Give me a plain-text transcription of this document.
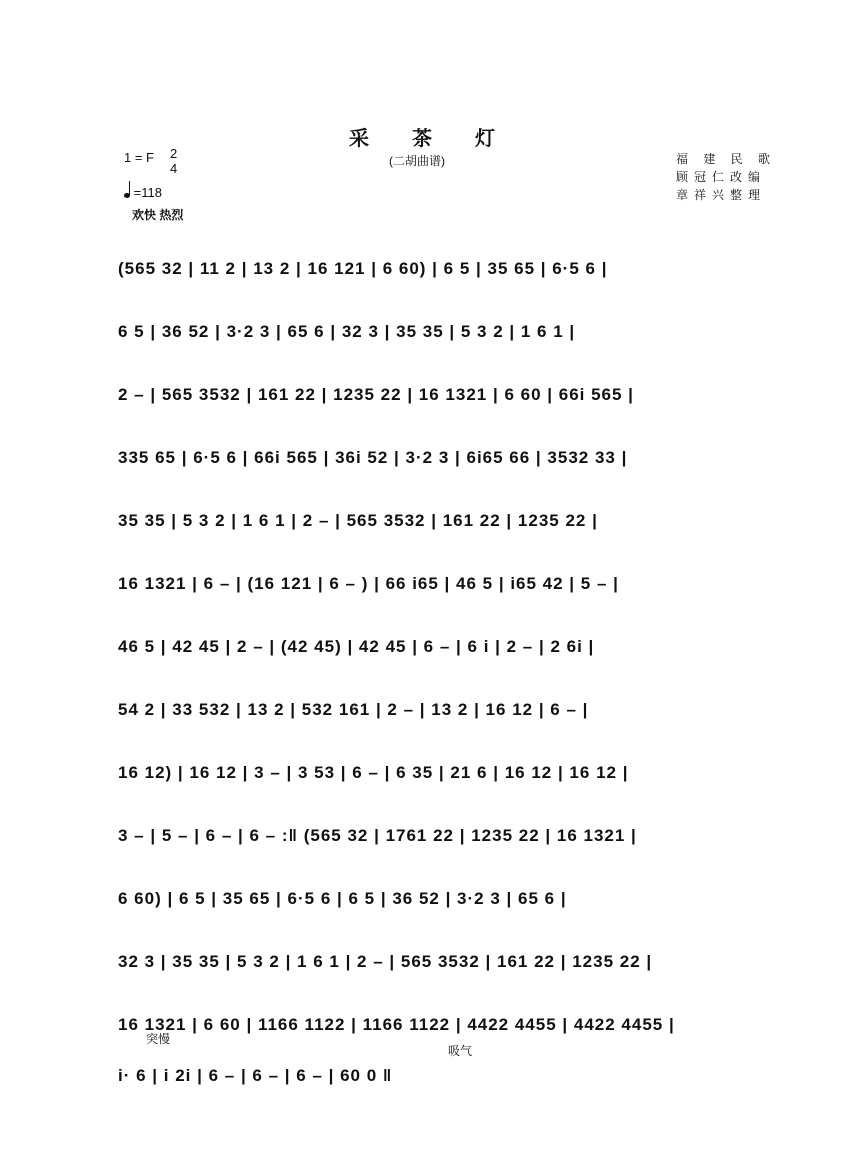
采 茶 灯
(二胡曲谱)	福 建 民 歌
顾冠仁改编
章祥兴整理
1 = F 2
4
=118
欢快 热烈
(565 32 | 11 2 | 13 2 | 16 121 | 6 60) | 6 5 | 35 65 | 6·5 6 |
6 5 | 36 52 | 3·2 3 | 65 6 | 32 3 | 35 35 | 5 3 2 | 1 6 1 |
2 – | 565 3532 | 161 22 | 1235 22 | 16 1321 | 6 60 | 66i 565 |
335 65 | 6·5 6 | 66i 565 | 36i 52 | 3·2 3 | 6i65 66 | 3532 33 |
35 35 | 5 3 2 | 1 6 1 | 2 – | 565 3532 | 161 22 | 1235 22 |
16 1321 | 6 – | (16 121 | 6 – ) | 66 i65 | 46 5 | i65 42 | 5 – |
46 5 | 42 45 | 2 – | (42 45) | 42 45 | 6 – | 6 i | 2 – | 2 6i |
54 2 | 33 532 | 13 2 | 532 161 | 2 – | 13 2 | 16 12 | 6 – |
16 12) | 16 12 | 3 – | 3 53 | 6 – | 6 35 | 21 6 | 16 12 | 16 12 |
3 – | 5 – | 6 – | 6 – :‖ (565 32 | 1761 22 | 1235 22 | 16 1321 |
6 60) | 6 5 | 35 65 | 6·5 6 | 6 5 | 36 52 | 3·2 3 | 65 6 |
32 3 | 35 35 | 5 3 2 | 1 6 1 | 2 – | 565 3532 | 161 22 | 1235 22 |
16 1321 | 6 60 | 1166 1122 | 1166 1122 | 4422 4455 | 4422 4455 |
突慢
吸气
i· 6 | i 2i | 6 – | 6 – | 6 – | 60 0 ‖
